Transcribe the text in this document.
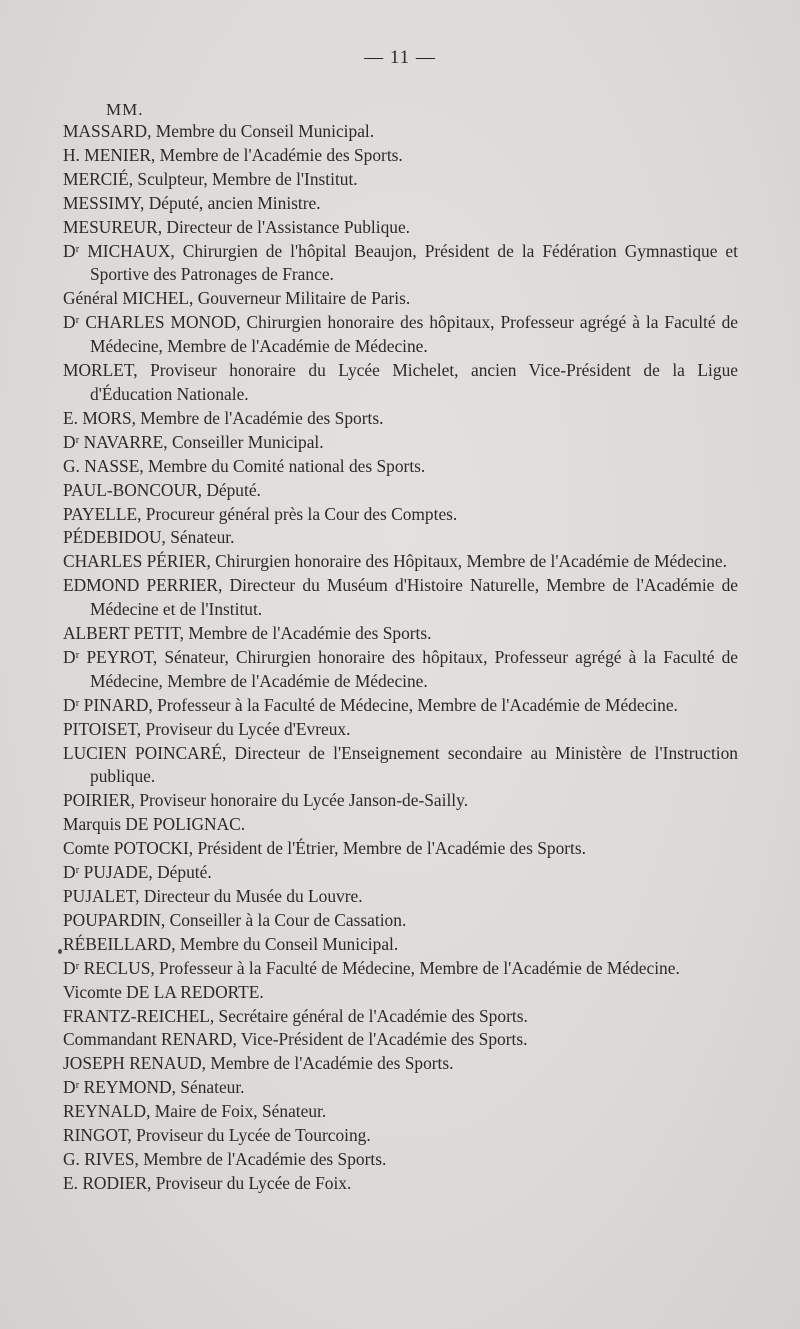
— 11 —
MM.

MASSARD, Membre du Conseil Municipal.

H. MENIER, Membre de l'Académie des Sports.

MERCIÉ, Sculpteur, Membre de l'Institut.

MESSIMY, Député, ancien Ministre.

MESUREUR, Directeur de l'Assistance Publique.

Dʳ MICHAUX, Chirurgien de l'hôpital Beaujon, Président de la Fédération Gymnastique et Sportive des Patronages de France.

Général MICHEL, Gouverneur Militaire de Paris.

Dʳ CHARLES MONOD, Chirurgien honoraire des hôpitaux, Professeur agrégé à la Faculté de Médecine, Membre de l'Académie de Médecine.

MORLET, Proviseur honoraire du Lycée Michelet, ancien Vice-Président de la Ligue d'Éducation Nationale.

E. MORS, Membre de l'Académie des Sports.

Dʳ NAVARRE, Conseiller Municipal.

G. NASSE, Membre du Comité national des Sports.

PAUL-BONCOUR, Député.

PAYELLE, Procureur général près la Cour des Comptes.

PÉDEBIDOU, Sénateur.

CHARLES PÉRIER, Chirurgien honoraire des Hôpitaux, Membre de l'Académie de Médecine.

EDMOND PERRIER, Directeur du Muséum d'Histoire Naturelle, Membre de l'Académie de Médecine et de l'Institut.

ALBERT PETIT, Membre de l'Académie des Sports.

Dʳ PEYROT, Sénateur, Chirurgien honoraire des hôpitaux, Professeur agrégé à la Faculté de Médecine, Membre de l'Académie de Médecine.

Dʳ PINARD, Professeur à la Faculté de Médecine, Membre de l'Académie de Médecine.

PITOISET, Proviseur du Lycée d'Evreux.

LUCIEN POINCARÉ, Directeur de l'Enseignement secondaire au Ministère de l'Instruction publique.

POIRIER, Proviseur honoraire du Lycée Janson-de-Sailly.

Marquis DE POLIGNAC.

Comte POTOCKI, Président de l'Étrier, Membre de l'Académie des Sports.

Dʳ PUJADE, Député.

PUJALET, Directeur du Musée du Louvre.

POUPARDIN, Conseiller à la Cour de Cassation.

RÉBEILLARD, Membre du Conseil Municipal.

Dʳ RECLUS, Professeur à la Faculté de Médecine, Membre de l'Académie de Médecine.

Vicomte DE LA REDORTE.

FRANTZ-REICHEL, Secrétaire général de l'Académie des Sports.

Commandant RENARD, Vice-Président de l'Académie des Sports.

JOSEPH RENAUD, Membre de l'Académie des Sports.

Dʳ REYMOND, Sénateur.

REYNALD, Maire de Foix, Sénateur.

RINGOT, Proviseur du Lycée de Tourcoing.

G. RIVES, Membre de l'Académie des Sports.

E. RODIER, Proviseur du Lycée de Foix.
